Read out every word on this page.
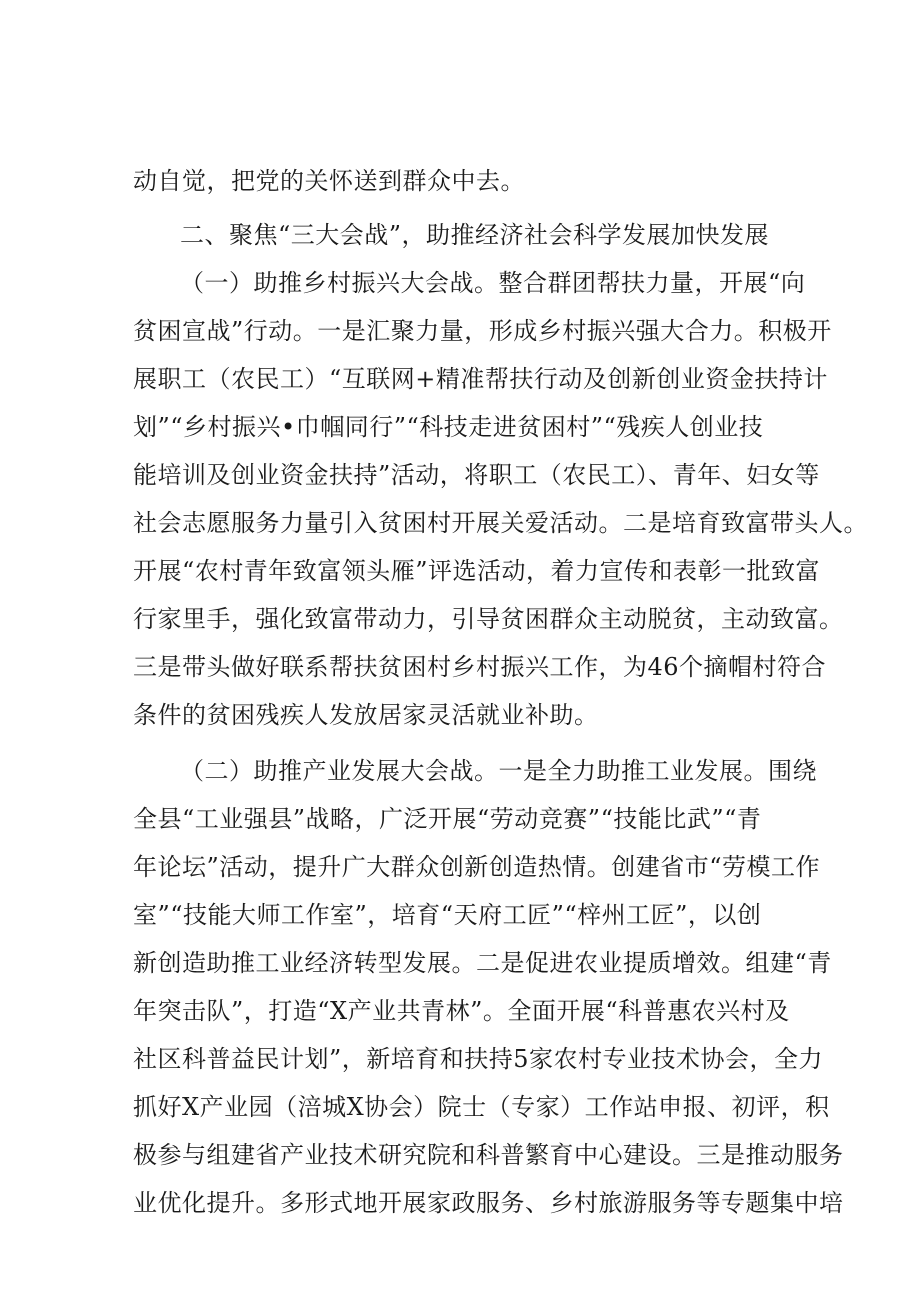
动自觉，把党的关怀送到群众中去。

二、聚焦“三大会战”，助推经济社会科学发展加快发展

（一）助推乡村振兴大会战。整合群团帮扶力量，开展“向

贫困宣战”行动。一是汇聚力量，形成乡村振兴强大合力。积极开

展职工（农民工）“互联网+精准帮扶行动及创新创业资金扶持计

划”“乡村振兴•巾帼同行”“科技走进贫困村”“残疾人创业技

能培训及创业资金扶持”活动，将职工（农民工）、青年、妇女等

社会志愿服务力量引入贫困村开展关爱活动。二是培育致富带头人。

开展“农村青年致富领头雁”评选活动，着力宣传和表彰一批致富

行家里手，强化致富带动力，引导贫困群众主动脱贫，主动致富。

三是带头做好联系帮扶贫困村乡村振兴工作，为46个摘帽村符合

条件的贫困残疾人发放居家灵活就业补助。

（二）助推产业发展大会战。一是全力助推工业发展。围绕

全县“工业强县”战略，广泛开展“劳动竞赛”“技能比武”“青

年论坛”活动，提升广大群众创新创造热情。创建省市“劳模工作

室”“技能大师工作室”，培育“天府工匠”“梓州工匠”，以创

新创造助推工业经济转型发展。二是促进农业提质增效。组建“青

年突击队”，打造“X产业共青林”。全面开展“科普惠农兴村及

社区科普益民计划”，新培育和扶持5家农村专业技术协会，全力

抓好X产业园（涪城X协会）院士（专家）工作站申报、初评，积

极参与组建省产业技术研究院和科普繁育中心建设。三是推动服务

业优化提升。多形式地开展家政服务、乡村旅游服务等专题集中培
